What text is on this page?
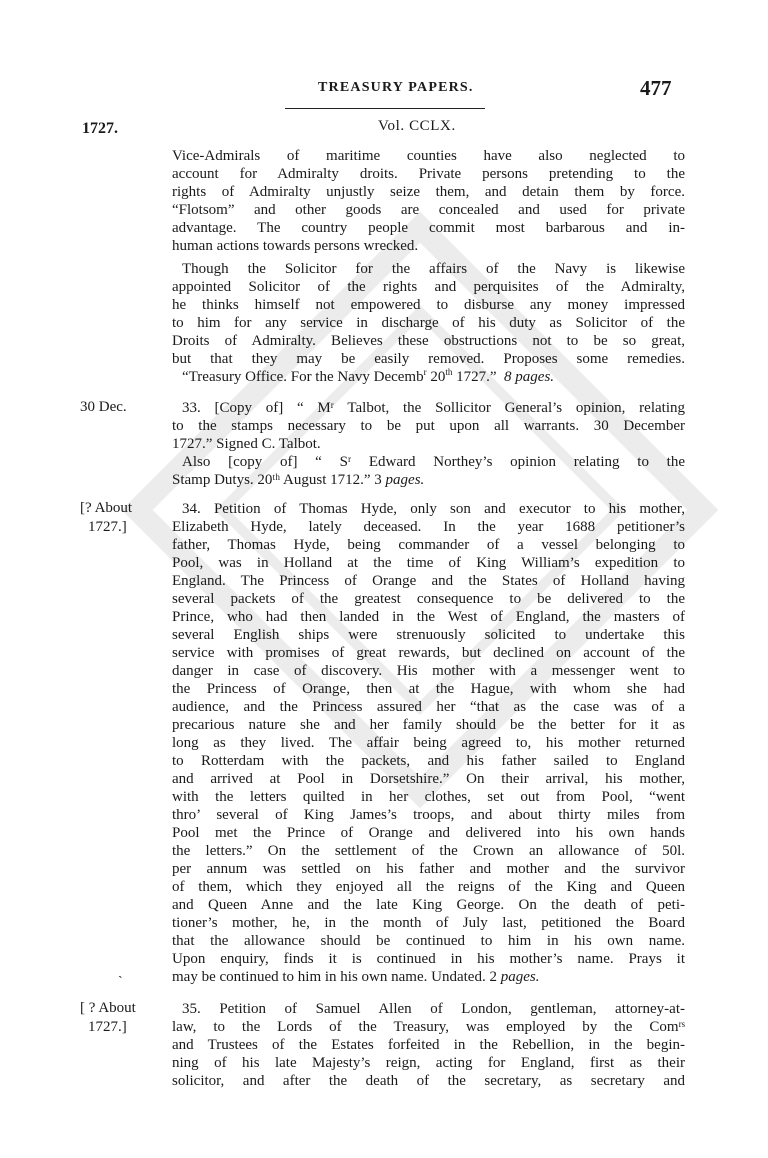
TREASURY PAPERS.	477
1727.	Vol. CCLX.
Vice-Admirals of maritime counties have also neglected to
account for Admiralty droits. Private persons pretending to the
rights of Admiralty unjustly seize them, and detain them by force.
“Flotsom” and other goods are concealed and used for private
advantage. The country people commit most barbarous and in-
human actions towards persons wrecked.
Though the Solicitor for the affairs of the Navy is likewise
appointed Solicitor of the rights and perquisites of the Admiralty,
he thinks himself not empowered to disburse any money impressed
to him for any service in discharge of his duty as Solicitor of the
Droits of Admiralty. Believes these obstructions not to be so great,
but that they may be easily removed. Proposes some remedies.
“Treasury Office. For the Navy Decemb$^r$ 20th 1727.” 8 pages.
30 Dec.	33. [Copy of] “ Mʳ Talbot, the Sollicitor General’s opinion, relating
to the stamps necessary to be put upon all warrants. 30 December
1727.” Signed C. Talbot.
Also [copy of] “ Sʳ Edward Northey’s opinion relating to the
Stamp Dutys. 20ᵗʰ August 1712.” 3 pages.
[? About
1727.]
34. Petition of Thomas Hyde, only son and executor to his mother,
Elizabeth Hyde, lately deceased. In the year 1688 petitioner’s
father, Thomas Hyde, being commander of a vessel belonging to
Pool, was in Holland at the time of King William’s expedition to
England. The Princess of Orange and the States of Holland having
several packets of the greatest consequence to be delivered to the
Prince, who had then landed in the West of England, the masters of
several English ships were strenuously solicited to undertake this
service with promises of great rewards, but declined on account of the
danger in case of discovery. His mother with a messenger went to
the Princess of Orange, then at the Hague, with whom she had
audience, and the Princess assured her “that as the case was of a
precarious nature she and her family should be the better for it as
long as they lived. The affair being agreed to, his mother returned
to Rotterdam with the packets, and his father sailed to England
and arrived at Pool in Dorsetshire.” On their arrival, his mother,
with the letters quilted in her clothes, set out from Pool, “went
thro’ several of King James’s troops, and about thirty miles from
Pool met the Prince of Orange and delivered into his own hands
the letters.” On the settlement of the Crown an allowance of 50l.
per annum was settled on his father and mother and the survivor
of them, which they enjoyed all the reigns of the King and Queen
and Queen Anne and the late King George. On the death of peti-
tioner’s mother, he, in the month of July last, petitioned the Board
that the allowance should be continued to him in his own name.
Upon enquiry, finds it is continued in his mother’s name. Prays it
may be continued to him in his own name. Undated. 2 pages.
ˏ
[ ? About
1727.]
35. Petition of Samuel Allen of London, gentleman, attorney-at-
law, to the Lords of the Treasury, was employed by the Comʳˢ
and Trustees of the Estates forfeited in the Rebellion, in the begin-
ning of his late Majesty’s reign, acting for England, first as their
solicitor, and after the death of the secretary, as secretary and
